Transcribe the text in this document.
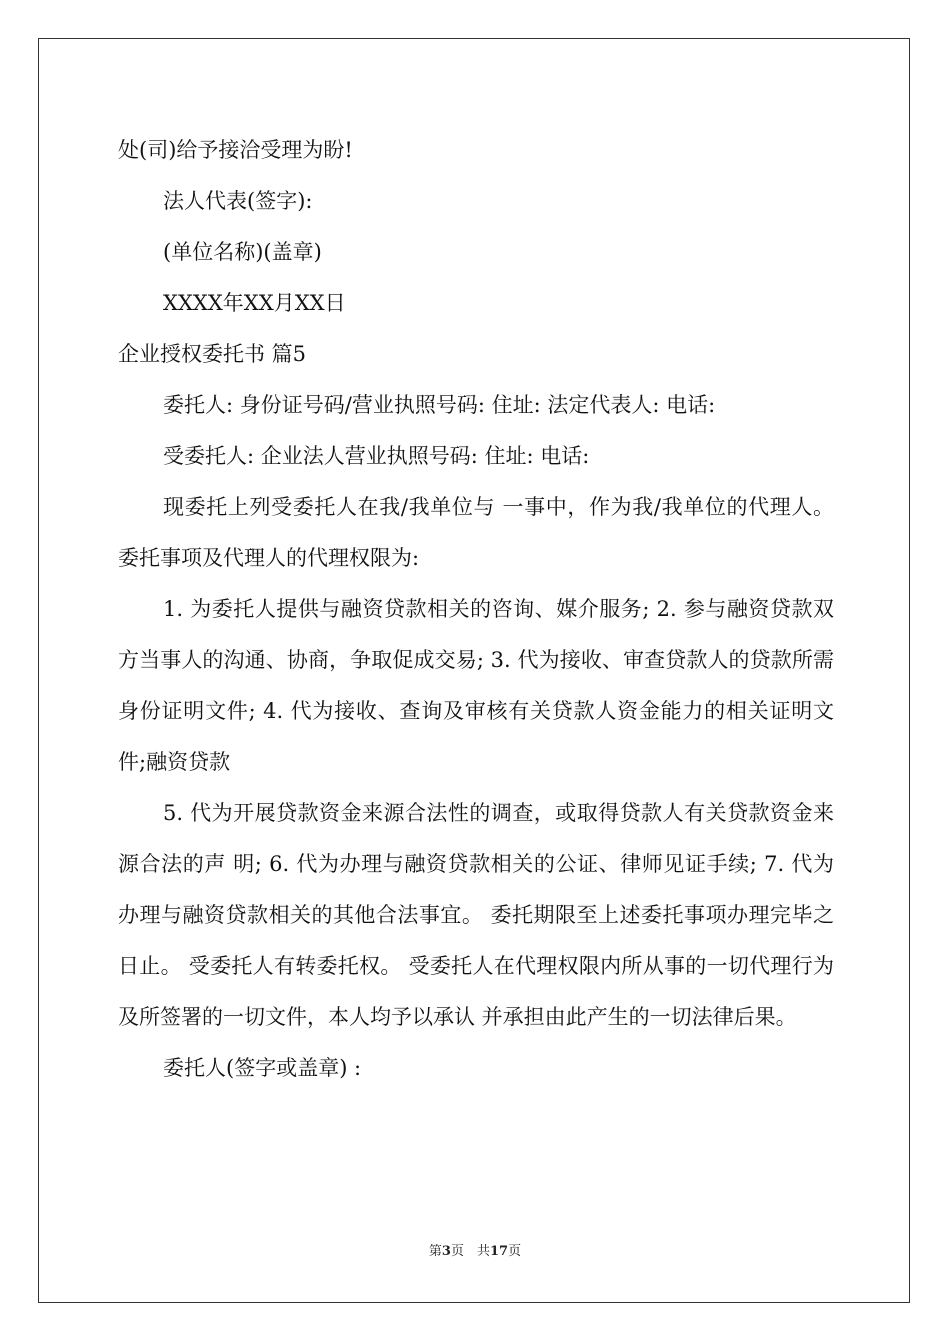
处(司)给予接洽受理为盼!

法人代表(签字):

(单位名称)(盖章)

XXXX年XX月XX日

企业授权委托书 篇5

委托人: 身份证号码/营业执照号码: 住址: 法定代表人: 电话:

受委托人: 企业法人营业执照号码: 住址: 电话:

现委托上列受委托人在我/我单位与 一事中，作为我/我单位的代理人。 委托事项及代理人的代理权限为:

1. 为委托人提供与融资贷款相关的咨询、媒介服务; 2. 参与融资贷款双方当事人的沟通、协商，争取促成交易; 3. 代为接收、审查贷款人的贷款所需身份证明文件; 4. 代为接收、查询及审核有关贷款人资金能力的相关证明文件;融资贷款

5. 代为开展贷款资金来源合法性的调查，或取得贷款人有关贷款资金来源合法的声 明; 6. 代为办理与融资贷款相关的公证、律师见证手续; 7. 代为办理与融资贷款相关的其他合法事宜。 委托期限至上述委托事项办理完毕之日止。 受委托人有转委托权。 受委托人在代理权限内所从事的一切代理行为及所签署的一切文件，本人均予以承认 并承担由此产生的一切法律后果。

委托人(签字或盖章) :

第3页　共17页
